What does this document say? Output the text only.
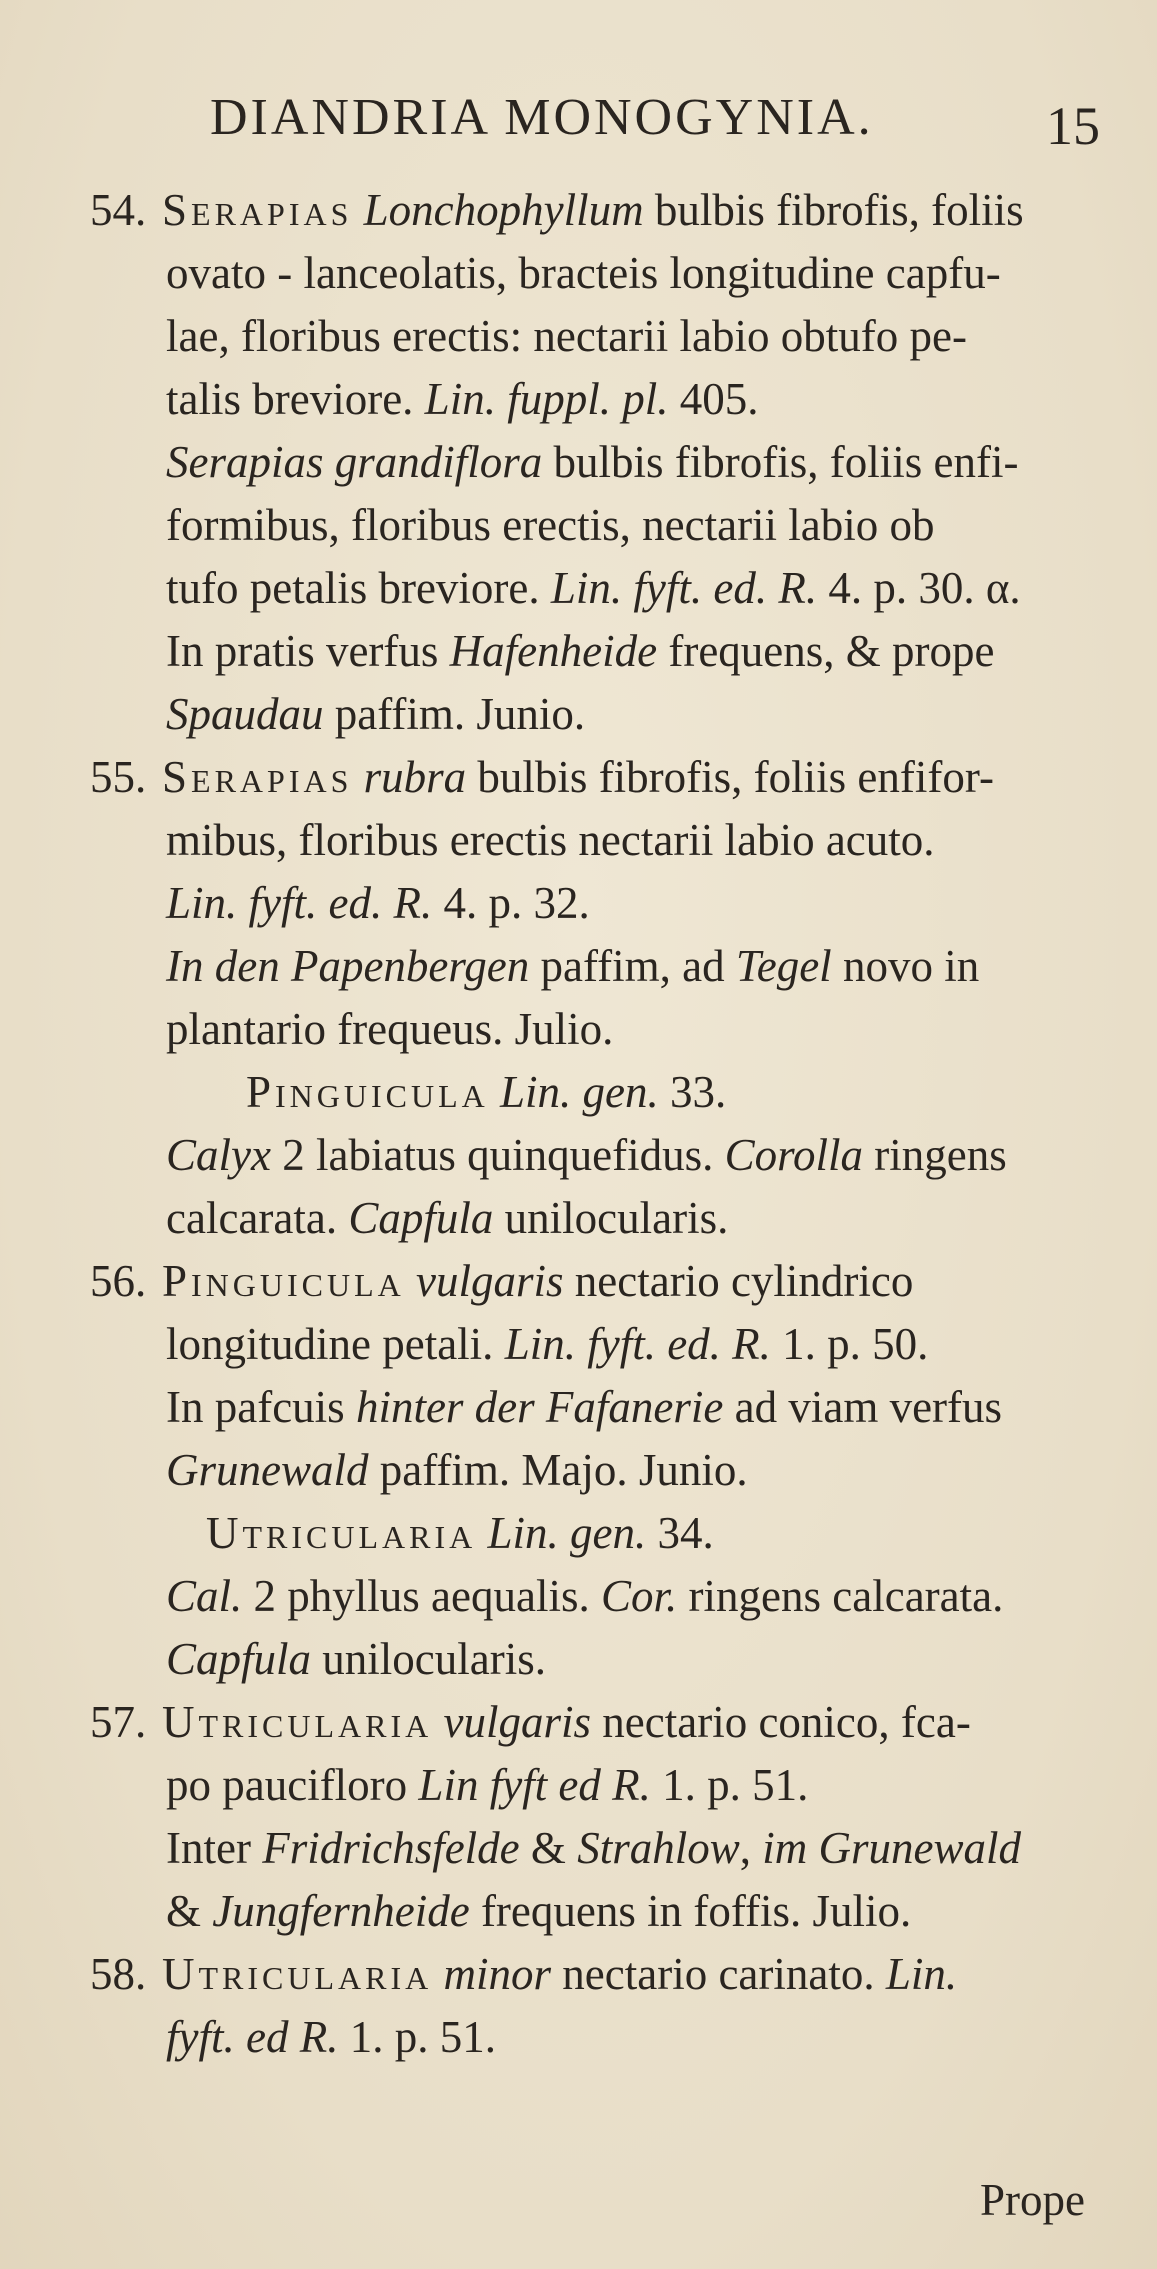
DIANDRIA MONOGYNIA.	15
54. Serapias Lonchophyllum bulbis fibrofis, foliis
ovato - lanceolatis, bracteis longitudine capfu-
lae, floribus erectis: nectarii labio obtufo pe-
talis breviore. Lin. fuppl. pl. 405.
Serapias grandiflora bulbis fibrofis, foliis enfi-
formibus, floribus erectis, nectarii labio ob
tufo petalis breviore. Lin. fyft. ed. R. 4. p. 30. α.
In pratis verfus Hafenheide frequens, & prope
Spaudau paffim. Junio.
55. Serapias rubra bulbis fibrofis, foliis enfifor-
mibus, floribus erectis nectarii labio acuto.
Lin. fyft. ed. R. 4. p. 32.
In den Papenbergen paffim, ad Tegel novo in
plantario frequeus. Julio.
Pinguicula Lin. gen. 33.
Calyx 2 labiatus quinquefidus. Corolla ringens
calcarata. Capfula unilocularis.
56. Pinguicula vulgaris nectario cylindrico
longitudine petali. Lin. fyft. ed. R. 1. p. 50.
In pafcuis hinter der Fafanerie ad viam verfus
Grunewald paffim. Majo. Junio.
Utricularia Lin. gen. 34.
Cal. 2 phyllus aequalis. Cor. ringens calcarata.
Capfula unilocularis.
57. Utricularia vulgaris nectario conico, fca-
po paucifloro Lin fyft ed R. 1. p. 51.
Inter Fridrichsfelde & Strahlow, im Grunewald
& Jungfernheide frequens in foffis. Julio.
58. Utricularia minor nectario carinato. Lin.
fyft. ed R. 1. p. 51.
Prope
